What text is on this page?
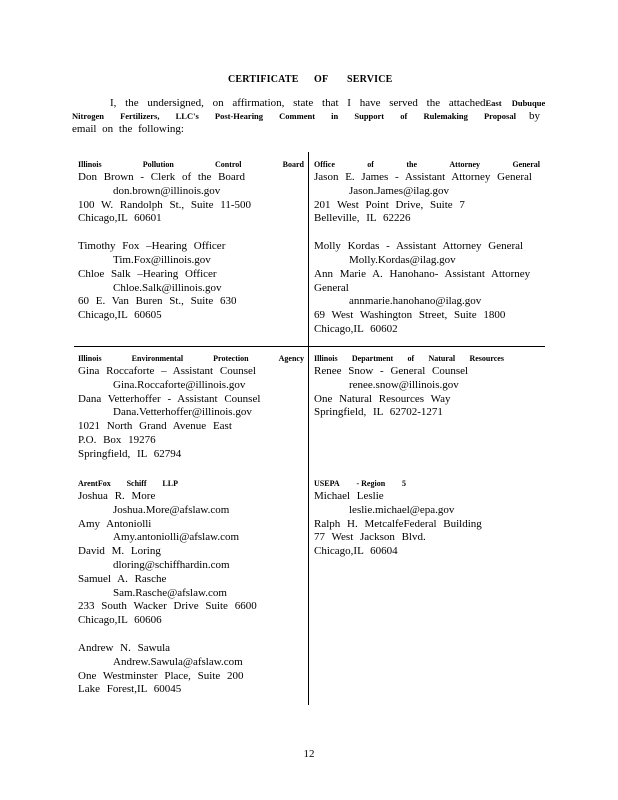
CERTIFICATE OF SERVICE
I, the undersigned, on affirmation, state that I have served the attached East Dubuque
Nitrogen Fertilizers, LLC's Post-Hearing Comment in Support of Rulemaking Proposal by
email on the following:
Illinois	Pollution	Control	Board
Don Brown - Clerk of the Board
don.brown@illinois.gov
100 W. Randolph St., Suite 11-500
Chicago,IL 60601
Timothy Fox –Hearing Officer
Tim.Fox@illinois.gov
Chloe Salk –Hearing Officer
Chloe.Salk@illinois.gov
60 E. Van Buren St., Suite 630
Chicago,IL 60605
Office	of	the	Attorney	General
Jason E. James - Assistant Attorney General
Jason.James@ilag.gov
201 West Point Drive, Suite 7
Belleville, IL 62226
Molly Kordas - Assistant Attorney General
Molly.Kordas@ilag.gov
Ann Marie A. Hanohano- Assistant Attorney
General
annmarie.hanohano@ilag.gov
69 West Washington Street, Suite 1800
Chicago,IL 60602
Illinois	Environmental	Protection	Agency
Gina Roccaforte – Assistant Counsel
Gina.Roccaforte@illinois.gov
Dana Vetterhoffer - Assistant Counsel
Dana.Vetterhoffer@illinois.gov
1021 North Grand Avenue East
P.O. Box 19276
Springfield, IL 62794
Illinois Department of Natural Resources
Renee Snow - General Counsel
renee.snow@illinois.gov
One Natural Resources Way
Springfield, IL 62702-1271
ArentFox Schiff LLP
Joshua R. More
Joshua.More@afslaw.com
Amy Antoniolli
Amy.antoniolli@afslaw.com
David M. Loring
dloring@schiffhardin.com
Samuel A. Rasche
Sam.Rasche@afslaw.com
233 South Wacker Drive Suite 6600
Chicago,IL 60606
Andrew N. Sawula
Andrew.Sawula@afslaw.com
One Westminster Place, Suite 200
Lake Forest,IL 60045
USEPA - Region 5
Michael Leslie
leslie.michael@epa.gov
Ralph H. MetcalfeFederal Building
77 West Jackson Blvd.
Chicago,IL 60604
12
